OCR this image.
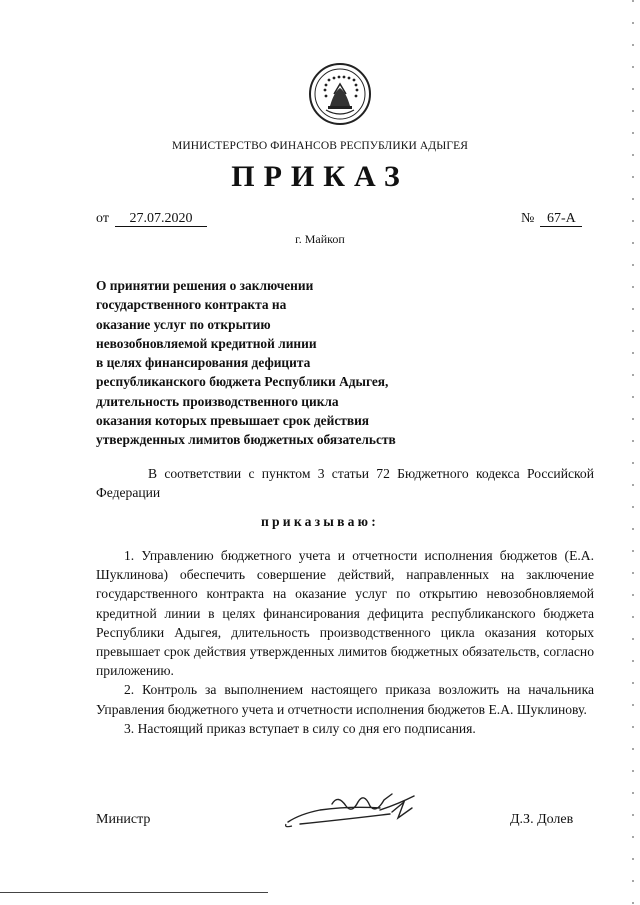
МИНИСТЕРСТВО ФИНАНСОВ РЕСПУБЛИКИ АДЫГЕЯ
ПРИКАЗ
от 27.07.2020	№ 67-А
г. Майкоп
О принятии решения о заключении
государственного контракта на
оказание услуг по открытию
невозобновляемой кредитной линии
в целях финансирования дефицита
республиканского бюджета Республики Адыгея,
длительность производственного цикла
оказания которых превышает срок действия
утвержденных лимитов бюджетных обязательств
В соответствии с пунктом 3 статьи 72 Бюджетного кодекса Российской Федерации
приказываю:

1. Управлению бюджетного учета и отчетности исполнения бюджетов (Е.А. Шуклинова) обеспечить совершение действий, направленных на заключение государственного контракта на оказание услуг по открытию невозобновляемой кредитной линии в целях финансирования дефицита республиканского бюджета Республики Адыгея, длительность производственного цикла оказания которых превышает срок действия утвержденных лимитов бюджетных обязательств, согласно приложению.

2. Контроль за выполнением настоящего приказа возложить на начальника Управления бюджетного учета и отчетности исполнения бюджетов Е.А. Шуклинову.

3. Настоящий приказ вступает в силу со дня его подписания.

Министр	Д.З. Долев
